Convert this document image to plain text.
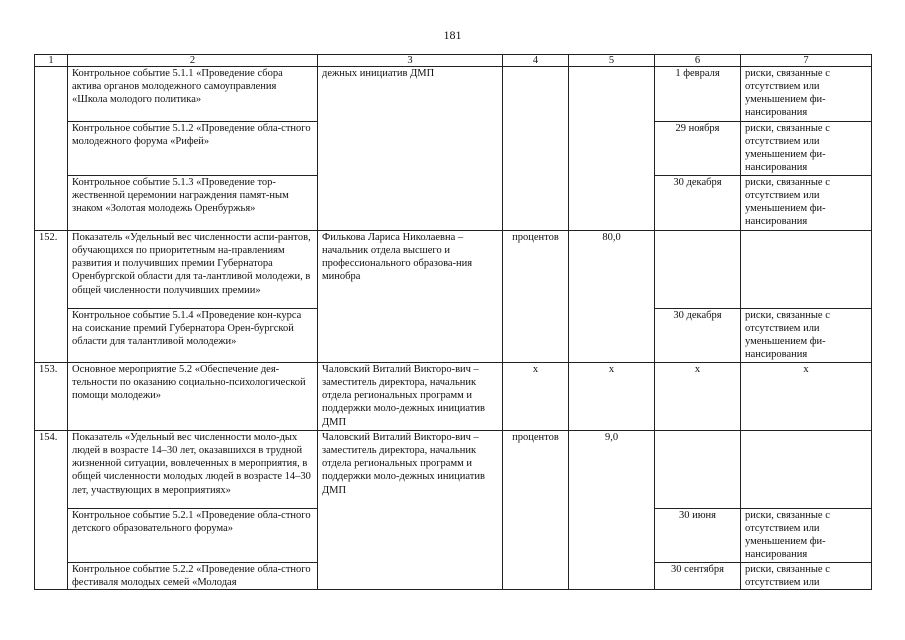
181
1	2	3	4	5	6	7
	Контрольное событие 5.1.1 «Проведение сбора актива органов молодежного самоуправления «Школа молодого политика»	дежных инициатив ДМП			1 февраля	риски, связанные с отсутствием или уменьшением фи-нансирования
	Контрольное событие 5.1.2 «Проведение обла-стного молодежного форума «Рифей»				29 ноября	риски, связанные с отсутствием или уменьшением фи-нансирования
	Контрольное событие 5.1.3 «Проведение тор-жественной церемонии награждения памят-ным знаком «Золотая молодежь Оренбуржья»				30 декабря	риски, связанные с отсутствием или уменьшением фи-нансирования
152.	Показатель «Удельный вес численности аспи-рантов, обучающихся по приоритетным на-правлениям развития и получивших премии Губернатора Оренбургской области для та-лантливой молодежи, в общей численности получивших премии»	Филькова Лариса Николаевна – начальник отдела высшего и профессионального образова-ния минобра	процентов	80,0		
	Контрольное событие 5.1.4 «Проведение кон-курса на соискание премий Губернатора Орен-бургской области для талантливой молодежи»				30 декабря	риски, связанные с отсутствием или уменьшением фи-нансирования
153.	Основное мероприятие 5.2 «Обеспечение дея-тельности по оказанию социально-психологической помощи молодежи»	Чаловский Виталий Викторо-вич – заместитель директора, начальник отдела региональных программ и поддержки моло-дежных инициатив ДМП	х	х	х	х
154.	Показатель «Удельный вес численности моло-дых людей в возрасте 14–30 лет, оказавшихся в трудной жизненной ситуации, вовлеченных в мероприятия, в общей численности молодых людей в возрасте 14–30 лет, участвующих в мероприятиях»	Чаловский Виталий Викторо-вич – заместитель директора, начальник отдела региональных программ и поддержки моло-дежных инициатив ДМП	процентов	9,0		
	Контрольное событие 5.2.1 «Проведение обла-стного детского образовательного форума»				30 июня	риски, связанные с отсутствием или уменьшением фи-нансирования
	Контрольное событие 5.2.2 «Проведение обла-стного фестиваля молодых семей «Молодая				30 сентября	риски, связанные с отсутствием или
